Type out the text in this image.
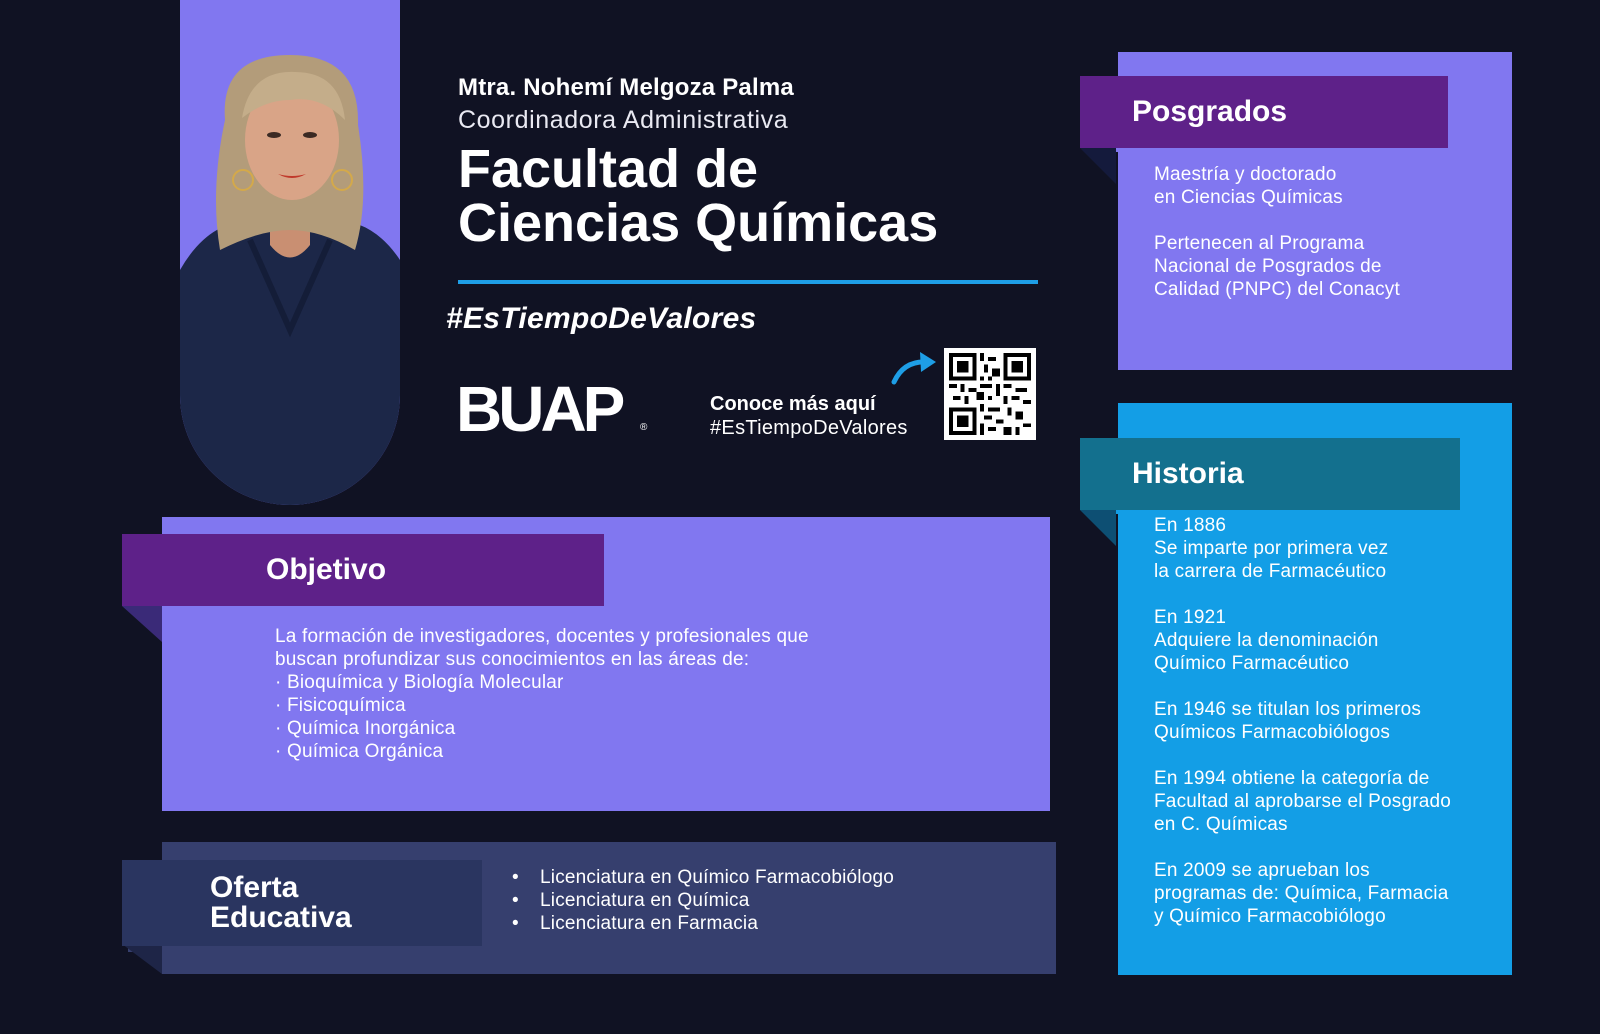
Mtra. Nohemí Melgoza Palma
Coordinadora Administrativa
Facultad de
Ciencias Químicas
#EsTiempoDeValores
BUAP ®
Conoce más aquí
#EsTiempoDeValores
Posgrados
Maestría y doctorado
en Ciencias Químicas
Pertenecen al Programa
Nacional de Posgrados de
Calidad (PNPC) del Conacyt
Historia
En 1886
Se imparte por primera vez
la carrera de Farmacéutico
En 1921
Adquiere la denominación
Químico Farmacéutico
En 1946 se titulan los primeros
Químicos Farmacobiólogos
En 1994 obtiene la categoría de
Facultad al aprobarse el Posgrado
en C. Químicas
En 2009 se aprueban los
programas de: Química, Farmacia
y Químico Farmacobiólogo
Objetivo
La formación de investigadores, docentes y profesionales que
buscan profundizar sus conocimientos en las áreas de:
· Bioquímica y Biología Molecular
· Fisicoquímica
· Química Inorgánica
· Química Orgánica
Oferta
Educativa
• Licenciatura en Químico Farmacobiólogo
• Licenciatura en Química
• Licenciatura en Farmacia
